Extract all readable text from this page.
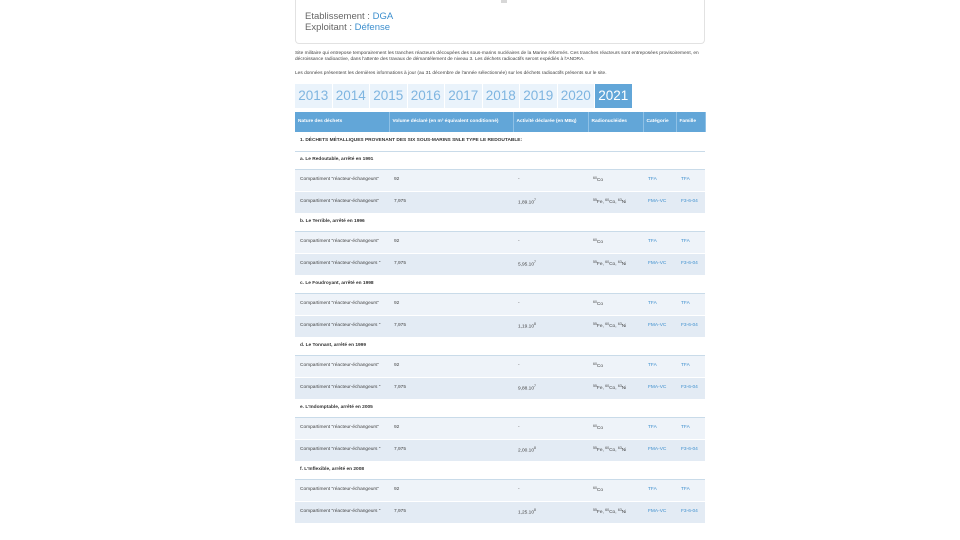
Etablissement : DGA
Exploitant : Défense

Site militaire qui entrepose temporairement les tranches réacteurs découpées des sous-marins nucléaires de la Marine réformés. Ces tranches réacteurs sont entreposées provisoirement, en décroissance radioactive, dans l'attente des travaux de démantèlement de niveau 3. Les déchets radioactifs seront expédiés à l'ANDRA.

Les données présentent les dernières informations à jour (au 31 décembre de l'année sélectionnée) sur les déchets radioactifs présents sur le site.

2013 2014 2015 2016 2017 2018 2019 2020 2021
Nature des déchets	Volume déclaré (en m³ équivalent conditionné)	Activité déclarée (en MBq)	Radionucléides	Catégorie	Famille
1. DÉCHETS MÉTALLIQUES PROVENANT DES SIX SOUS-MARINS SNLE TYPE LE REDOUTABLE:					
a. Le Redoutable, arrêté en 1991					
Compartiment "réacteur-échangeurs"	92	-	$^{60}$Co	TFA	TFA
Compartiment "réacteur-échangeurs"	7,975	1,89.10$^7$	$^{55}$Fe, $^{60}$Co, $^{63}$Ni	FMA-VC	F3-6-04
b. Le Terrible, arrêté en 1996					
Compartiment "réacteur-échangeurs"	92	-	$^{60}$Co	TFA	TFA
Compartiment "réacteur-échangeurs "	7,975	5,95.10$^7$	$^{55}$Fe, $^{60}$Co, $^{63}$Ni	FMA-VC	F3-6-04
c. Le Foudroyant, arrêté en 1998					
Compartiment "réacteur-échangeurs"	92	-	$^{60}$Co	TFA	TFA
Compartiment "réacteur-échangeurs "	7,975	1,19.10$^8$	$^{55}$Fe, $^{60}$Co, $^{63}$Ni	FMA-VC	F3-6-04
d. Le Tonnant, arrêté en 1999					
Compartiment "réacteur-échangeurs"	92	-	$^{60}$Co	TFA	TFA
Compartiment "réacteur-échangeurs "	7,975	9,88.10$^7$	$^{55}$Fe, $^{60}$Co, $^{63}$Ni	FMA-VC	F3-6-04
e. L'Indomptable, arrêté en 2005					
Compartiment "réacteur-échangeurs"	92	-	$^{60}$Co	TFA	TFA
Compartiment "réacteur-échangeurs "	7,975	2,00.10$^8$	$^{55}$Fe, $^{60}$Co, $^{63}$Ni	FMA-VC	F3-6-04
f. L'Inflexible, arrêté en 2008					
Compartiment "réacteur-échangeurs"	92	-	$^{60}$Co	TFA	TFA
Compartiment "réacteur-échangeurs "	7,975	1,25.10$^8$	$^{55}$Fe, $^{60}$Co, $^{63}$Ni	FMA-VC	F3-6-04
